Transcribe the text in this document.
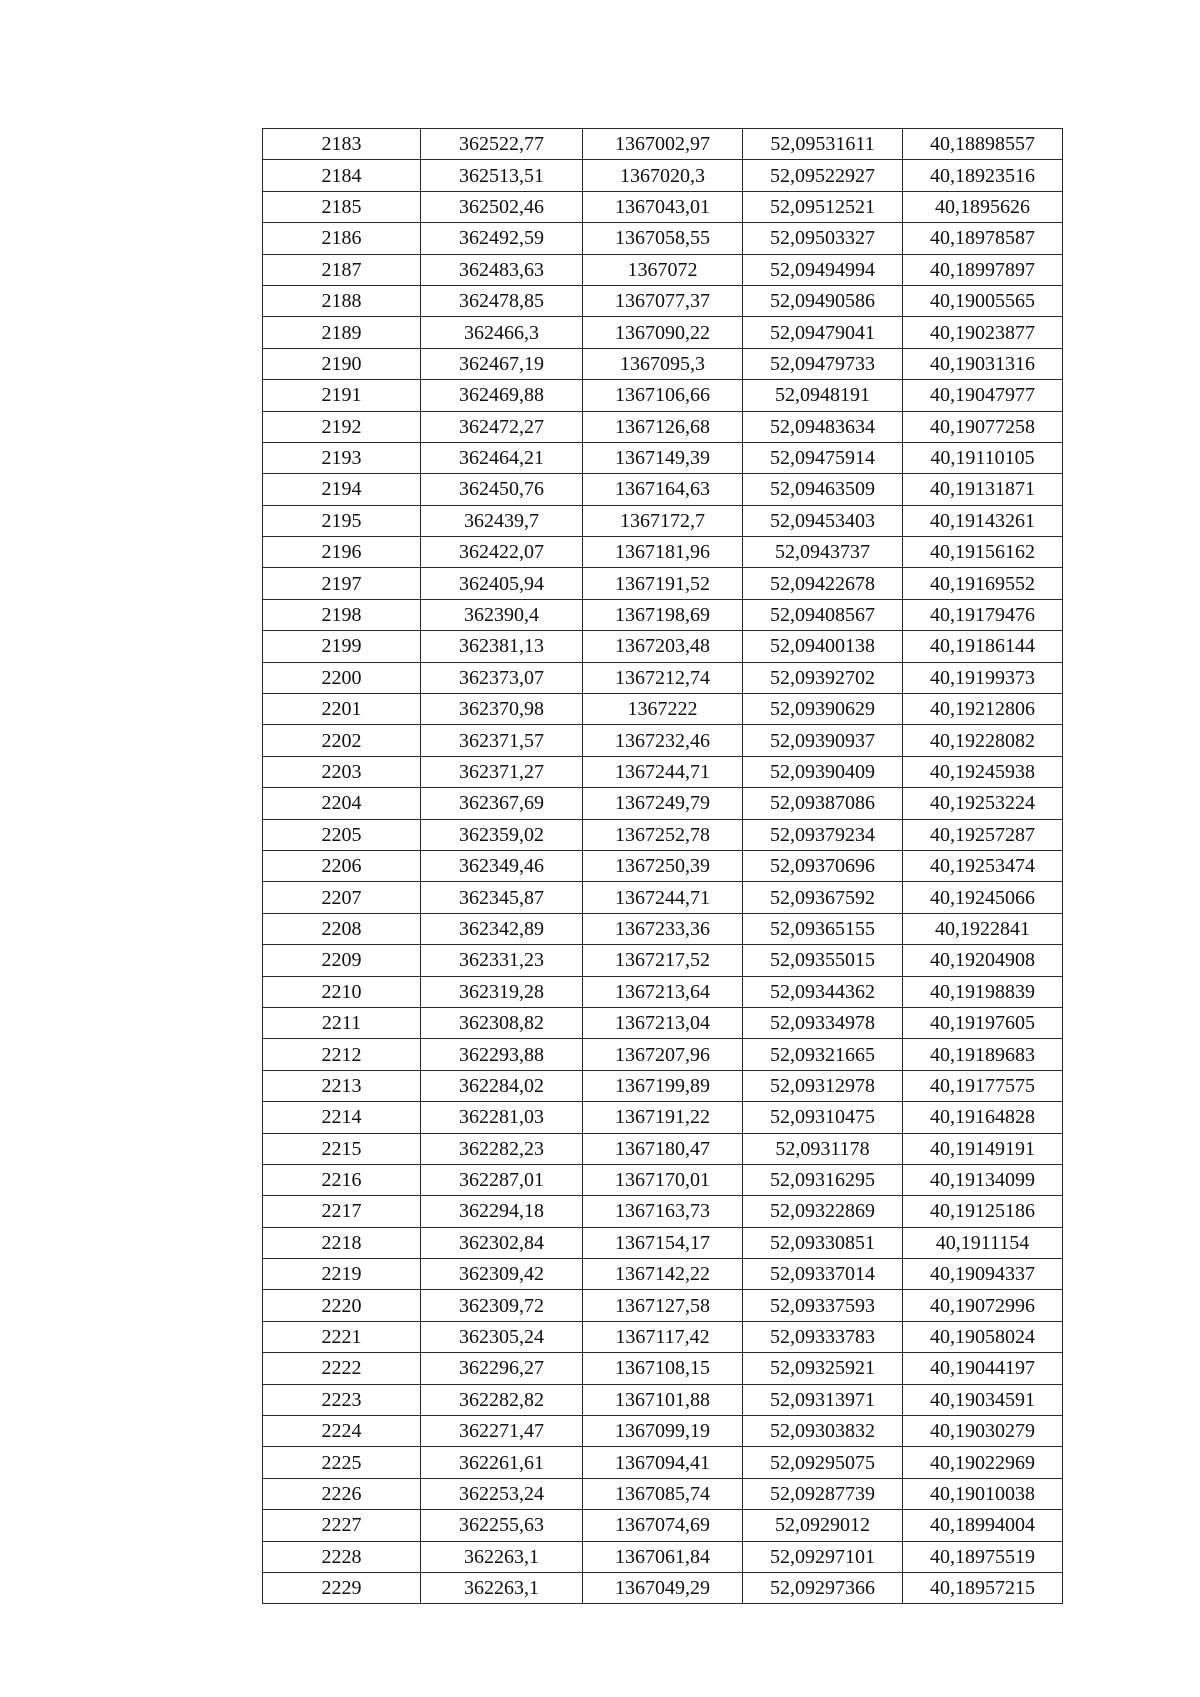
2183	362522,77	1367002,97	52,09531611	40,18898557
2184	362513,51	1367020,3	52,09522927	40,18923516
2185	362502,46	1367043,01	52,09512521	40,1895626
2186	362492,59	1367058,55	52,09503327	40,18978587
2187	362483,63	1367072	52,09494994	40,18997897
2188	362478,85	1367077,37	52,09490586	40,19005565
2189	362466,3	1367090,22	52,09479041	40,19023877
2190	362467,19	1367095,3	52,09479733	40,19031316
2191	362469,88	1367106,66	52,0948191	40,19047977
2192	362472,27	1367126,68	52,09483634	40,19077258
2193	362464,21	1367149,39	52,09475914	40,19110105
2194	362450,76	1367164,63	52,09463509	40,19131871
2195	362439,7	1367172,7	52,09453403	40,19143261
2196	362422,07	1367181,96	52,0943737	40,19156162
2197	362405,94	1367191,52	52,09422678	40,19169552
2198	362390,4	1367198,69	52,09408567	40,19179476
2199	362381,13	1367203,48	52,09400138	40,19186144
2200	362373,07	1367212,74	52,09392702	40,19199373
2201	362370,98	1367222	52,09390629	40,19212806
2202	362371,57	1367232,46	52,09390937	40,19228082
2203	362371,27	1367244,71	52,09390409	40,19245938
2204	362367,69	1367249,79	52,09387086	40,19253224
2205	362359,02	1367252,78	52,09379234	40,19257287
2206	362349,46	1367250,39	52,09370696	40,19253474
2207	362345,87	1367244,71	52,09367592	40,19245066
2208	362342,89	1367233,36	52,09365155	40,1922841
2209	362331,23	1367217,52	52,09355015	40,19204908
2210	362319,28	1367213,64	52,09344362	40,19198839
2211	362308,82	1367213,04	52,09334978	40,19197605
2212	362293,88	1367207,96	52,09321665	40,19189683
2213	362284,02	1367199,89	52,09312978	40,19177575
2214	362281,03	1367191,22	52,09310475	40,19164828
2215	362282,23	1367180,47	52,0931178	40,19149191
2216	362287,01	1367170,01	52,09316295	40,19134099
2217	362294,18	1367163,73	52,09322869	40,19125186
2218	362302,84	1367154,17	52,09330851	40,1911154
2219	362309,42	1367142,22	52,09337014	40,19094337
2220	362309,72	1367127,58	52,09337593	40,19072996
2221	362305,24	1367117,42	52,09333783	40,19058024
2222	362296,27	1367108,15	52,09325921	40,19044197
2223	362282,82	1367101,88	52,09313971	40,19034591
2224	362271,47	1367099,19	52,09303832	40,19030279
2225	362261,61	1367094,41	52,09295075	40,19022969
2226	362253,24	1367085,74	52,09287739	40,19010038
2227	362255,63	1367074,69	52,0929012	40,18994004
2228	362263,1	1367061,84	52,09297101	40,18975519
2229	362263,1	1367049,29	52,09297366	40,18957215
